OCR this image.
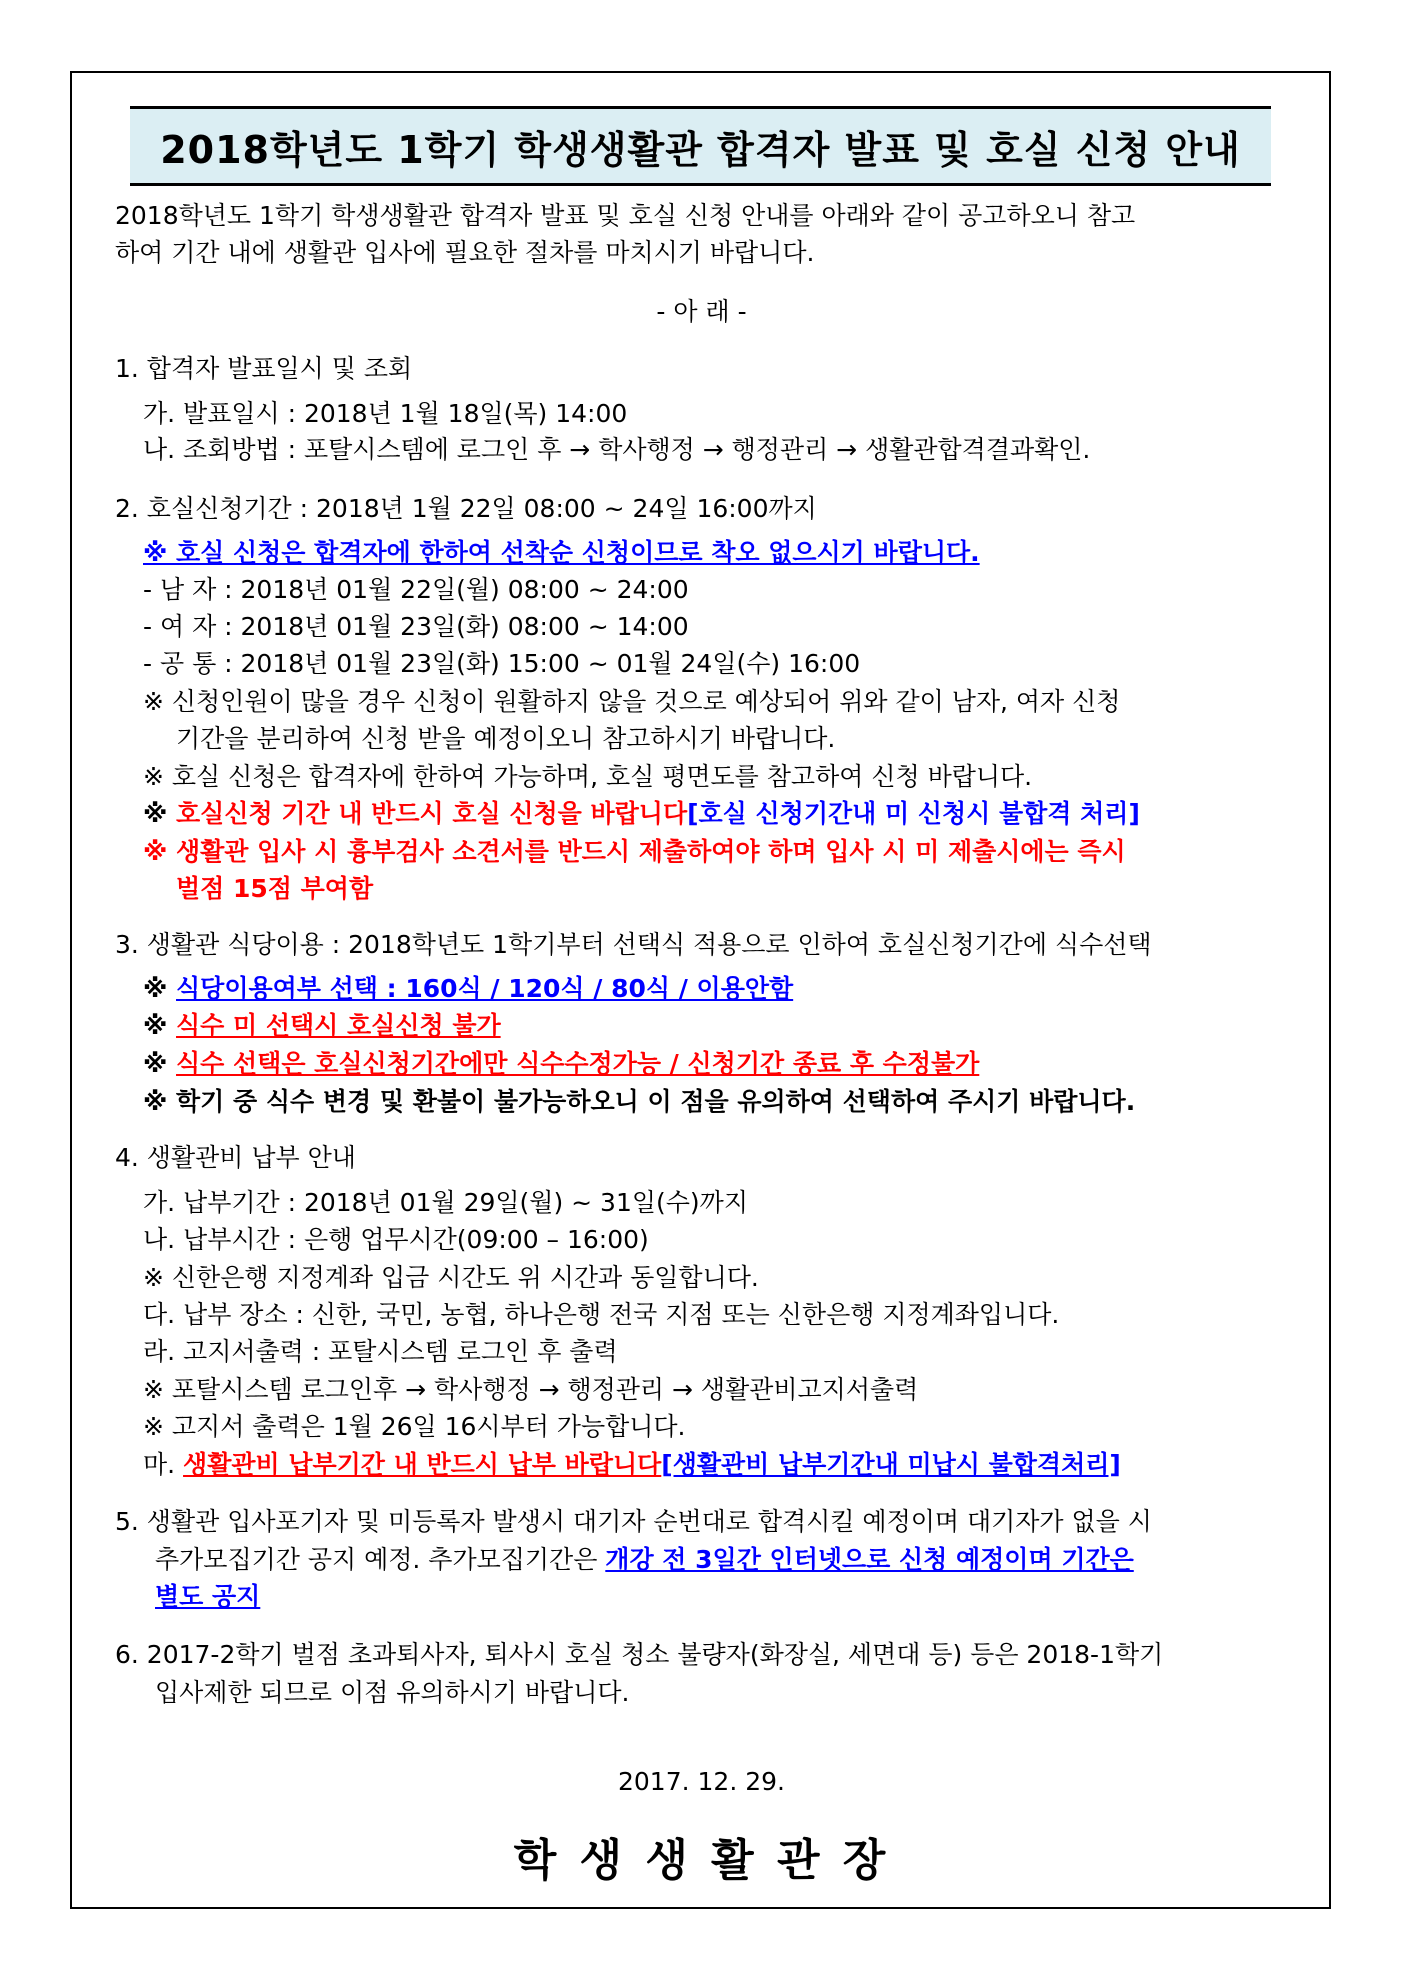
2018학년도 1학기 학생생활관 합격자 발표 및 호실 신청 안내
2018학년도 1학기 학생생활관 합격자 발표 및 호실 신청 안내를 아래와 같이 공고하오니 참고
하여 기간 내에 생활관 입사에 필요한 절차를 마치시기 바랍니다.
- 아 래 -
1. 합격자 발표일시 및 조회
가. 발표일시 : 2018년 1월 18일(목) 14:00
나. 조회방법 : 포탈시스템에 로그인 후 → 학사행정 → 행정관리 → 생활관합격결과확인.
2. 호실신청기간 : 2018년 1월 22일 08:00 ~ 24일 16:00까지
※ 호실 신청은 합격자에 한하여 선착순 신청이므로 착오 없으시기 바랍니다.
- 남 자 : 2018년 01월 22일(월) 08:00 ~ 24:00
- 여 자 : 2018년 01월 23일(화) 08:00 ~ 14:00
- 공 통 : 2018년 01월 23일(화) 15:00 ~ 01월 24일(수) 16:00
※ 신청인원이 많을 경우 신청이 원활하지 않을 것으로 예상되어 위와 같이 남자, 여자 신청
기간을 분리하여 신청 받을 예정이오니 참고하시기 바랍니다.
※ 호실 신청은 합격자에 한하여 가능하며, 호실 평면도를 참고하여 신청 바랍니다.
※ 호실신청 기간 내 반드시 호실 신청을 바랍니다[호실 신청기간내 미 신청시 불합격 처리]
※ 생활관 입사 시 흉부검사 소견서를 반드시 제출하여야 하며 입사 시 미 제출시에는 즉시
벌점 15점 부여함
3. 생활관 식당이용 : 2018학년도 1학기부터 선택식 적용으로 인하여 호실신청기간에 식수선택
※ 식당이용여부 선택 : 160식 / 120식 / 80식 / 이용안함
※ 식수 미 선택시 호실신청 불가
※ 식수 선택은 호실신청기간에만 식수수정가능 / 신청기간 종료 후 수정불가
※ 학기 중 식수 변경 및 환불이 불가능하오니 이 점을 유의하여 선택하여 주시기 바랍니다.
4. 생활관비 납부 안내
가. 납부기간 : 2018년 01월 29일(월) ~ 31일(수)까지
나. 납부시간 : 은행 업무시간(09:00 – 16:00)
※ 신한은행 지정계좌 입금 시간도 위 시간과 동일합니다.
다. 납부 장소 : 신한, 국민, 농협, 하나은행 전국 지점 또는 신한은행 지정계좌입니다.
라. 고지서출력 : 포탈시스템 로그인 후 출력
※ 포탈시스템 로그인후 → 학사행정 → 행정관리 → 생활관비고지서출력
※ 고지서 출력은 1월 26일 16시부터 가능합니다.
마. 생활관비 납부기간 내 반드시 납부 바랍니다[생활관비 납부기간내 미납시 불합격처리]
5. 생활관 입사포기자 및 미등록자 발생시 대기자 순번대로 합격시킬 예정이며 대기자가 없을 시
추가모집기간 공지 예정. 추가모집기간은 개강 전 3일간 인터넷으로 신청 예정이며 기간은
별도 공지
6. 2017-2학기 벌점 초과퇴사자, 퇴사시 호실 청소 불량자(화장실, 세면대 등) 등은 2018-1학기
입사제한 되므로 이점 유의하시기 바랍니다.
2017. 12. 29.
학 생 생 활 관 장
